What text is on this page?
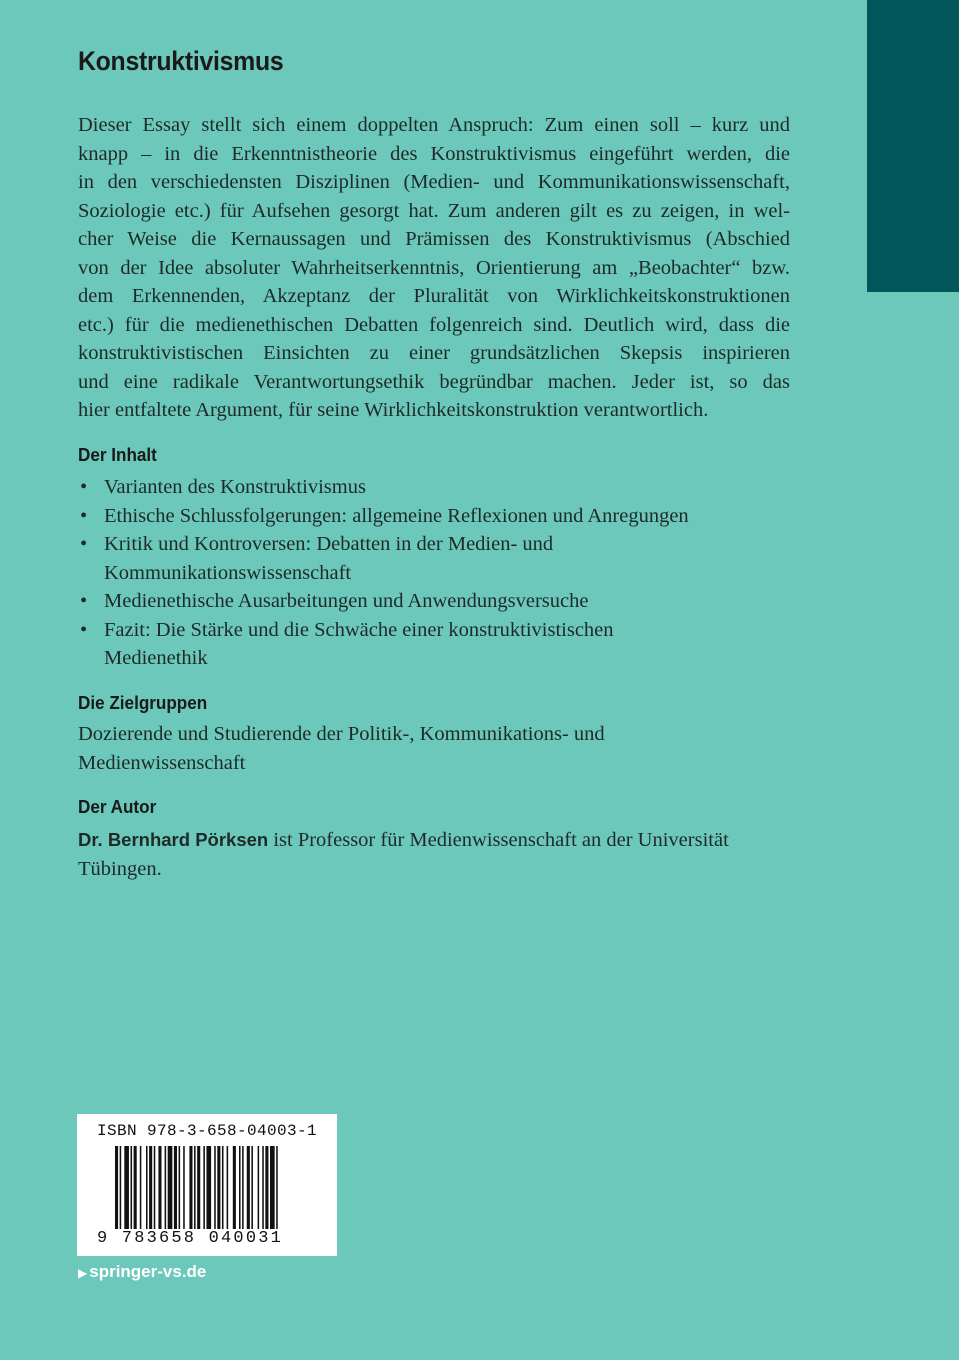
Konstruktivismus
Dieser Essay stellt sich einem doppelten Anspruch: Zum einen soll – kurz und
knapp – in die Erkenntnistheorie des Konstruktivismus eingeführt werden, die
in den verschiedensten Disziplinen (Medien- und Kommunikationswissenschaft,
Soziologie etc.) für Aufsehen gesorgt hat. Zum anderen gilt es zu zeigen, in wel-
cher Weise die Kernaussagen und Prämissen des Konstruktivismus (Abschied
von der Idee absoluter Wahrheitserkenntnis, Orientierung am „Beobachter“ bzw.
dem Erkennenden, Akzeptanz der Pluralität von Wirklichkeitskonstruktionen
etc.) für die medienethischen Debatten folgenreich sind. Deutlich wird, dass die
konstruktivistischen Einsichten zu einer grundsätzlichen Skepsis inspirieren
und eine radikale Verantwortungsethik begründbar machen. Jeder ist, so das
hier entfaltete Argument, für seine Wirklichkeitskonstruktion verantwortlich.
Der Inhalt
• Varianten des Konstruktivismus
• Ethische Schlussfolgerungen: allgemeine Reflexionen und Anregungen
• Kritik und Kontroversen: Debatten in der Medien- und
Kommunikationswissenschaft
• Medienethische Ausarbeitungen und Anwendungsversuche
• Fazit: Die Stärke und die Schwäche einer konstruktivistischen
Medienethik
Die Zielgruppen

Dozierende und Studierende der Politik-, Kommunikations- und
Medienwissenschaft

Der Autor

Dr. Bernhard Pörksen ist Professor für Medienwissenschaft an der Universität
Tübingen.

ISBN 978-3-658-04003-1
9 783658 040031
▶ springer-vs.de
